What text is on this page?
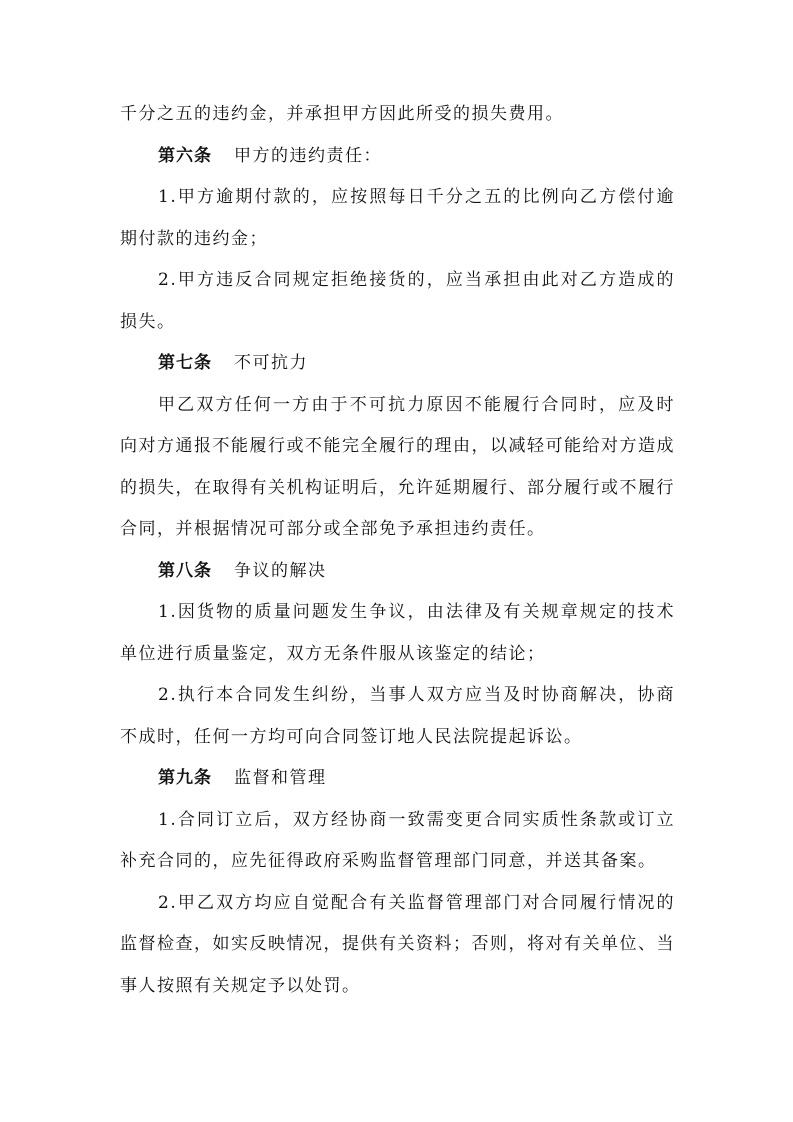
千分之五的违约金，并承担甲方因此所受的损失费用。

第六条 甲方的违约责任：

1.甲方逾期付款的，应按照每日千分之五的比例向乙方偿付逾期付款的违约金；

2.甲方违反合同规定拒绝接货的，应当承担由此对乙方造成的损失。

第七条 不可抗力

甲乙双方任何一方由于不可抗力原因不能履行合同时，应及时向对方通报不能履行或不能完全履行的理由，以减轻可能给对方造成的损失，在取得有关机构证明后，允许延期履行、部分履行或不履行合同，并根据情况可部分或全部免予承担违约责任。

第八条 争议的解决

1.因货物的质量问题发生争议，由法律及有关规章规定的技术单位进行质量鉴定，双方无条件服从该鉴定的结论；

2.执行本合同发生纠纷，当事人双方应当及时协商解决，协商不成时，任何一方均可向合同签订地人民法院提起诉讼。

第九条 监督和管理

1.合同订立后，双方经协商一致需变更合同实质性条款或订立补充合同的，应先征得政府采购监督管理部门同意，并送其备案。

2.甲乙双方均应自觉配合有关监督管理部门对合同履行情况的监督检查，如实反映情况，提供有关资料；否则，将对有关单位、当事人按照有关规定予以处罚。
